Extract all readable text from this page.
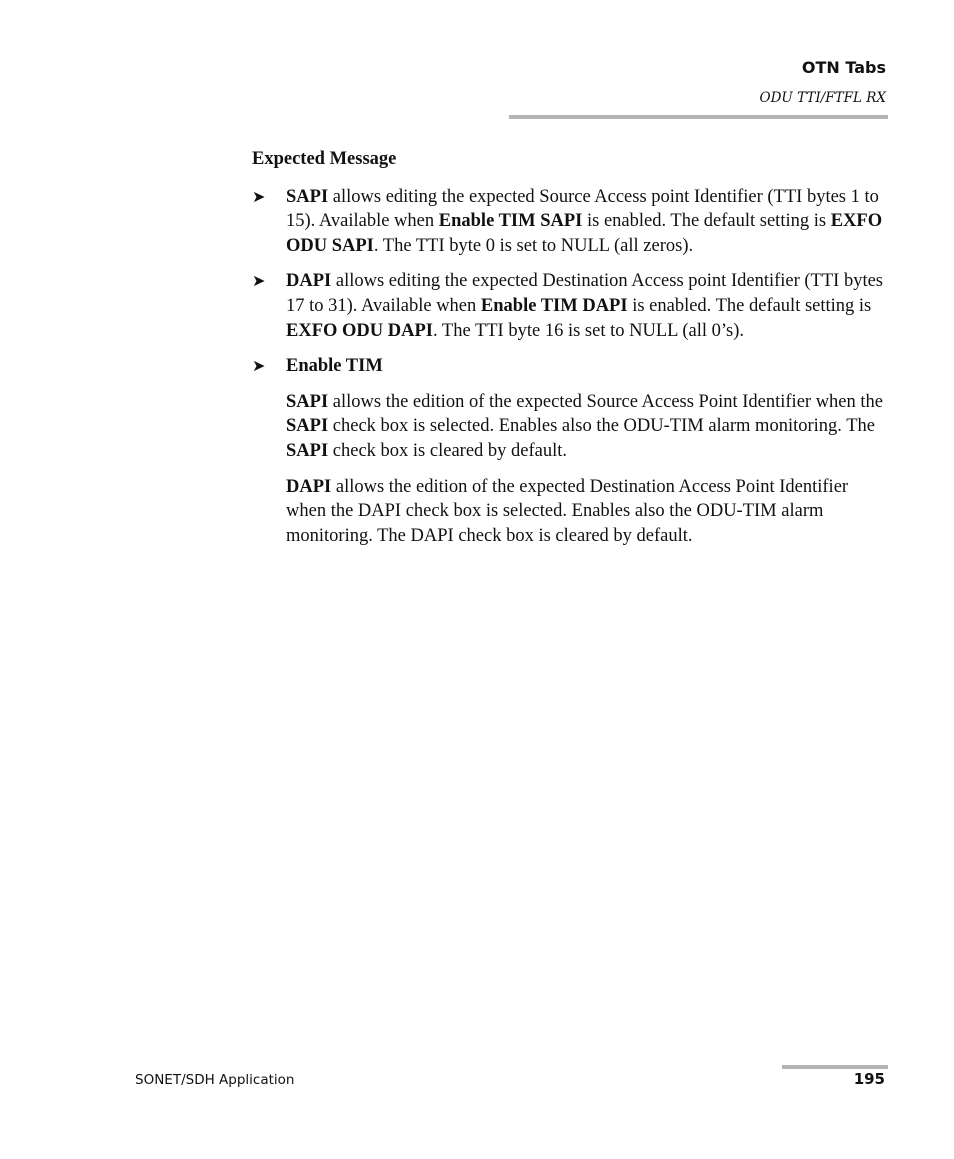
OTN Tabs
ODU TTI/FTFL RX
Expected Message
➤ SAPI allows editing the expected Source Access point Identifier (TTI bytes 1 to 15). Available when Enable TIM SAPI is enabled. The default setting is EXFO ODU SAPI. The TTI byte 0 is set to NULL (all zeros).
➤ DAPI allows editing the expected Destination Access point Identifier (TTI bytes 17 to 31). Available when Enable TIM DAPI is enabled. The default setting is EXFO ODU DAPI. The TTI byte 16 is set to NULL (all 0’s).
➤ Enable TIM
SAPI allows the edition of the expected Source Access Point Identifier when the SAPI check box is selected. Enables also the ODU-TIM alarm monitoring. The SAPI check box is cleared by default.
DAPI allows the edition of the expected Destination Access Point Identifier when the DAPI check box is selected. Enables also the ODU-TIM alarm monitoring. The DAPI check box is cleared by default.
SONET/SDH Application	195
